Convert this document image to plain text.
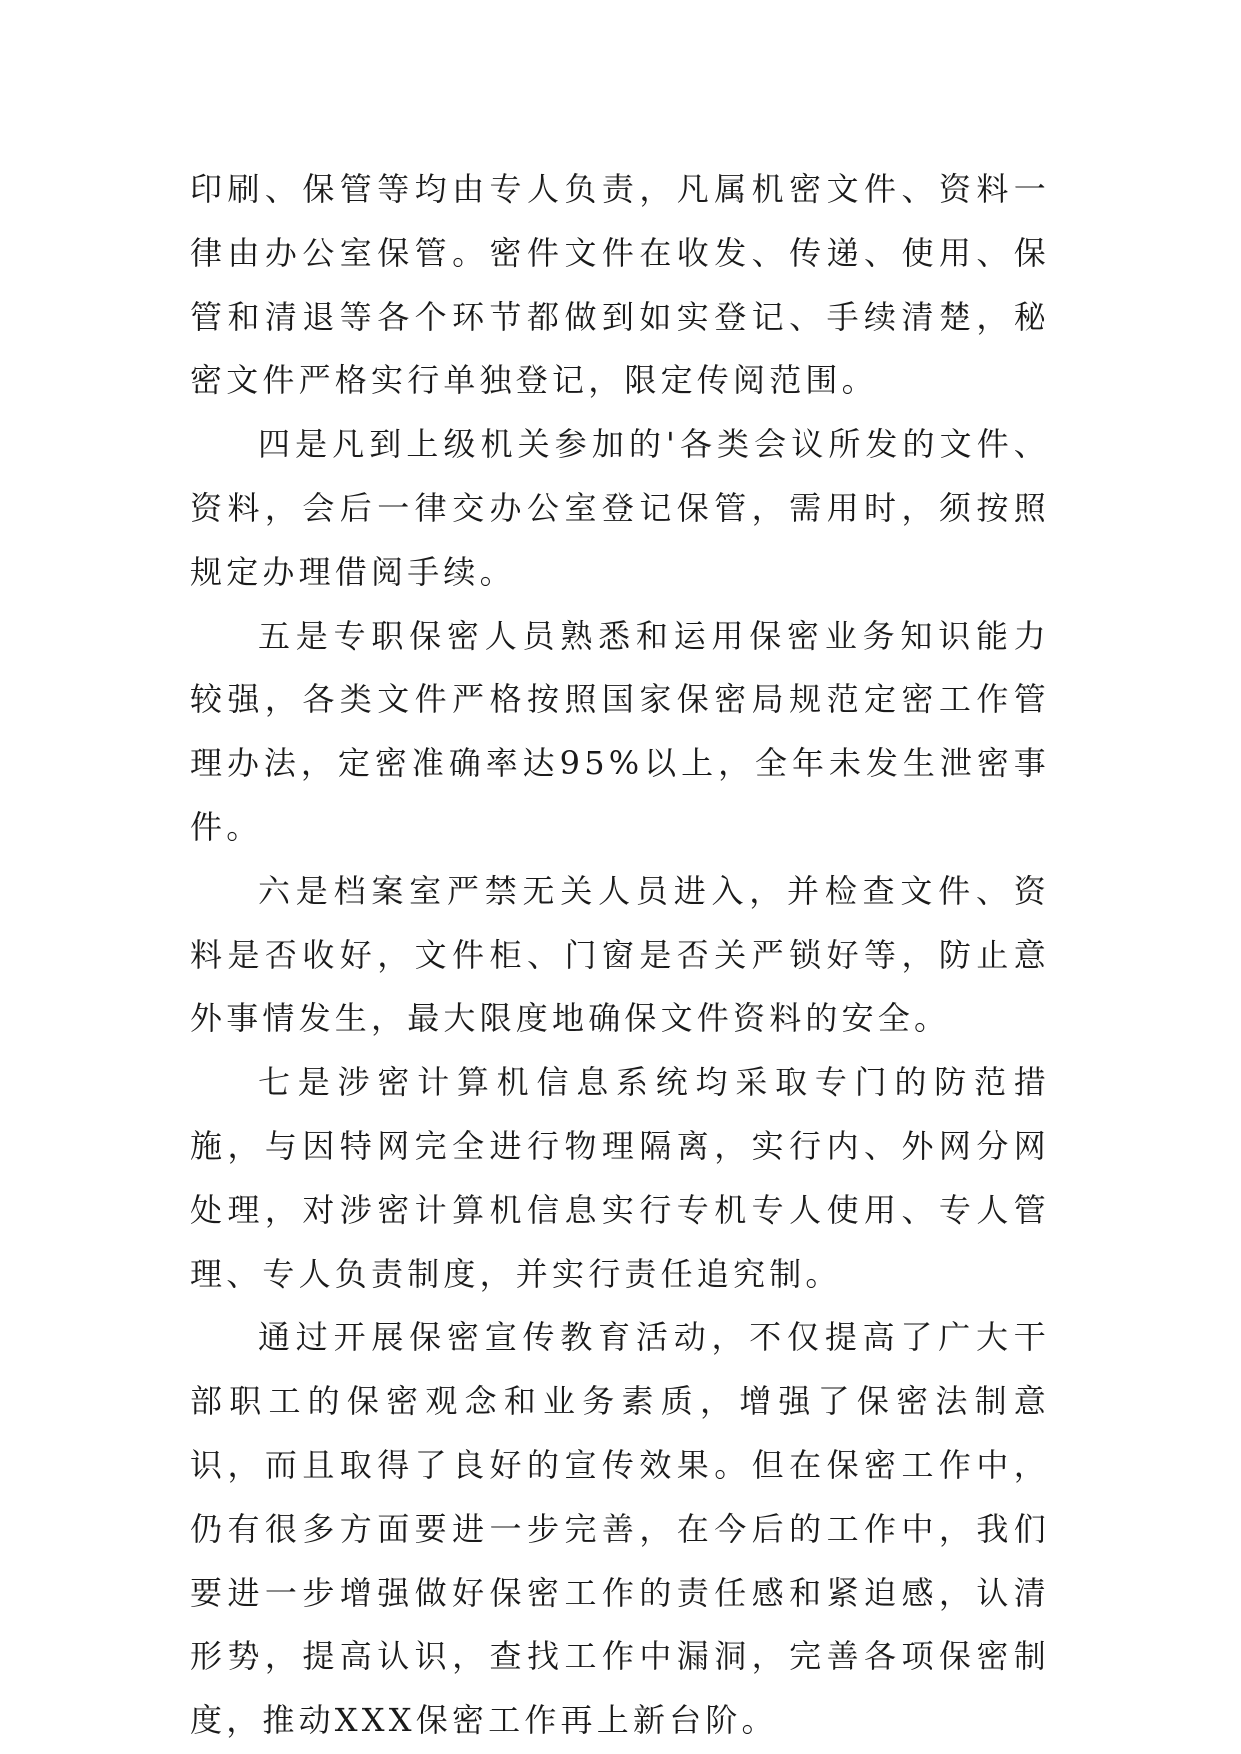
印刷、保管等均由专人负责，凡属机密文件、资料一律由办公室保管。密件文件在收发、传递、使用、保管和清退等各个环节都做到如实登记、手续清楚，秘密文件严格实行单独登记，限定传阅范围。

四是凡到上级机关参加的'各类会议所发的文件、资料，会后一律交办公室登记保管，需用时，须按照规定办理借阅手续。

五是专职保密人员熟悉和运用保密业务知识能力较强，各类文件严格按照国家保密局规范定密工作管理办法，定密准确率达95%以上，全年未发生泄密事件。

六是档案室严禁无关人员进入，并检查文件、资料是否收好，文件柜、门窗是否关严锁好等，防止意外事情发生，最大限度地确保文件资料的安全。

七是涉密计算机信息系统均采取专门的防范措施，与因特网完全进行物理隔离，实行内、外网分网处理，对涉密计算机信息实行专机专人使用、专人管理、专人负责制度，并实行责任追究制。

通过开展保密宣传教育活动，不仅提高了广大干部职工的保密观念和业务素质，增强了保密法制意识，而且取得了良好的宣传效果。但在保密工作中，仍有很多方面要进一步完善，在今后的工作中，我们要进一步增强做好保密工作的责任感和紧迫感，认清形势，提高认识，查找工作中漏洞，完善各项保密制度，推动XXX保密工作再上新台阶。
